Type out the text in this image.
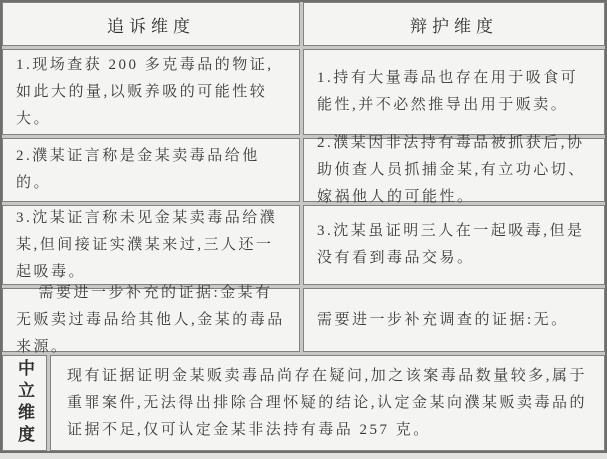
追诉维度	辩护维度

1.现场查获 200 多克毒品的物证,如此大的量,以贩养吸的可能性较大。

1.持有大量毒品也存在用于吸食可能性,并不必然推导出用于贩卖。

2.濮某证言称是金某卖毒品给他的。

2.濮某因非法持有毒品被抓获后,协助侦查人员抓捕金某,有立功心切、嫁祸他人的可能性。

3.沈某证言称未见金某卖毒品给濮某,但间接证实濮某来过,三人还一起吸毒。

3.沈某虽证明三人在一起吸毒,但是没有看到毒品交易。

需要进一步补充的证据:金某有无贩卖过毒品给其他人,金某的毒品来源。

需要进一步补充调查的证据:无。

中立维度 现有证据证明金某贩卖毒品尚存在疑问,加之该案毒品数量较多,属于重罪案件,无法得出排除合理怀疑的结论,认定金某向濮某贩卖毒品的证据不足,仅可认定金某非法持有毒品 257 克。
